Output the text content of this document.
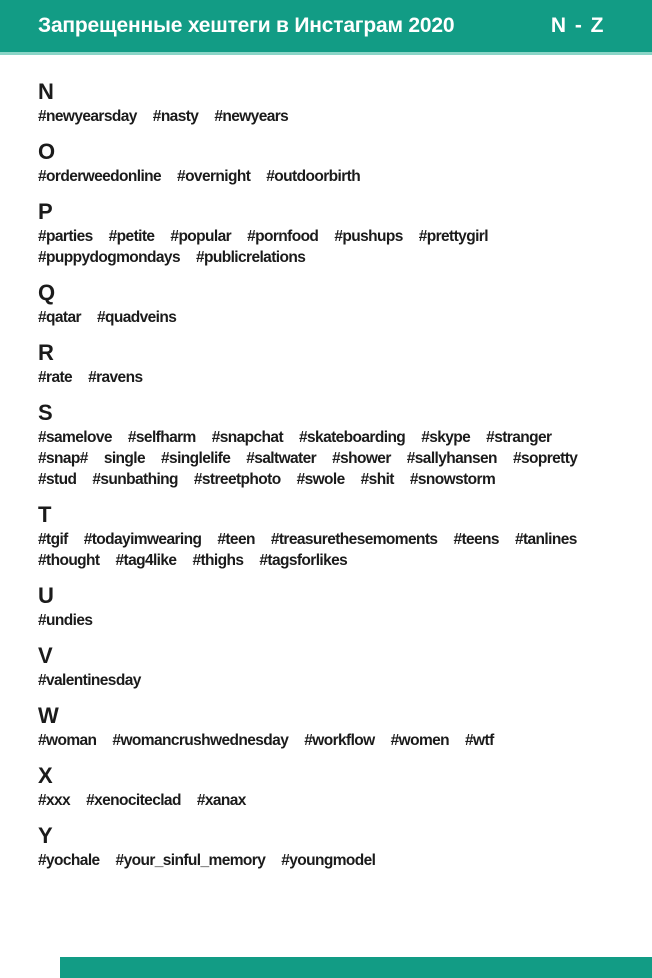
Запрещенные хештеги в Инстаграм 2020	N - Z
N
#newyearsday #nasty #newyears
O
#orderweedonline #overnight #outdoorbirth
P
#parties #petite #popular #pornfood #pushups #prettygirl
#puppydogmondays #publicrelations
Q
#qatar #quadveins
R
#rate #ravens
S
#samelove #selfharm #snapchat #skateboarding #skype #stranger
#snap# single #singlelife #saltwater #shower #sallyhansen #sopretty
#stud #sunbathing #streetphoto #swole #shit #snowstorm
T
#tgif #todayimwearing #teen #treasurethesemoments #teens #tanlines
#thought #tag4like #thighs #tagsforlikes
U
#undies
V
#valentinesday
W
#woman #womancrushwednesday #workflow #women #wtf
X
#xxx #xenociteclad #xanax
Y
#yochale #your_sinful_memory #youngmodel
